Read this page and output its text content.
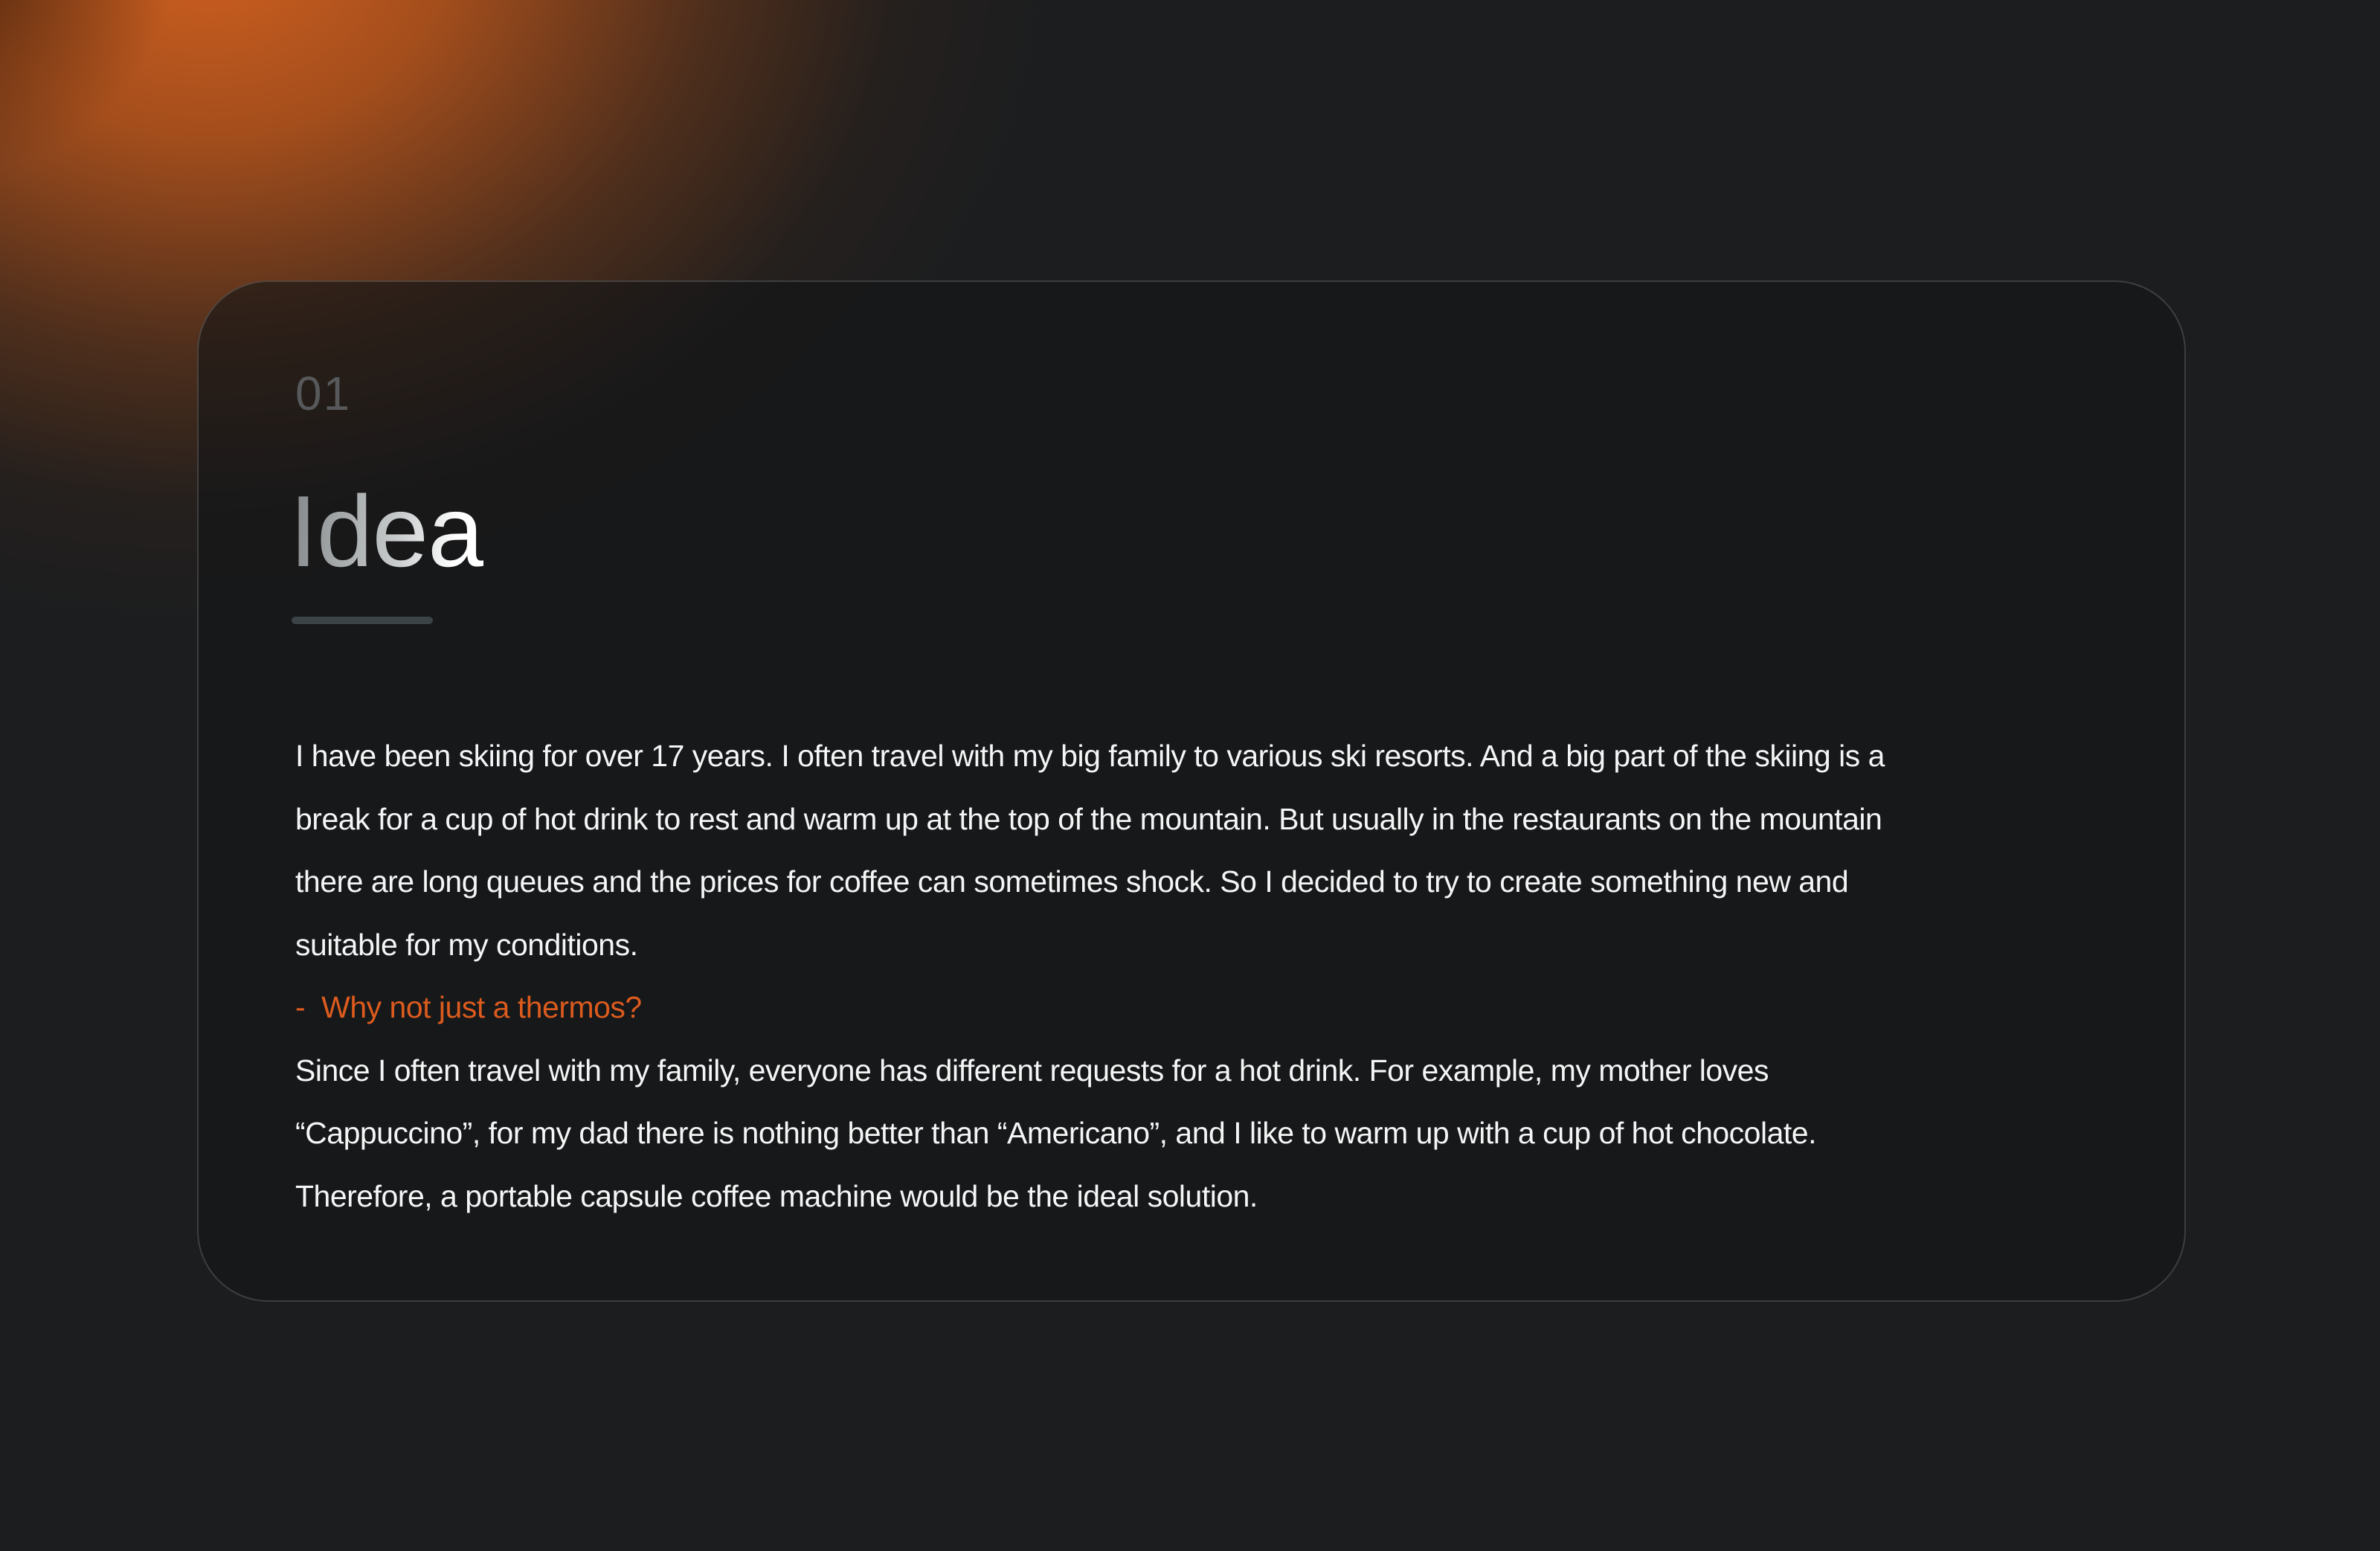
01
Idea
I have been skiing for over 17 years. I often travel with my big family to various ski resorts. And a big part of the skiing is a
break for a cup of hot drink to rest and warm up at the top of the mountain. But usually in the restaurants on the mountain
there are long queues and the prices for coffee can sometimes shock. So I decided to try to create something new and
suitable for my conditions.
- Why not just a thermos?
Since I often travel with my family, everyone has different requests for a hot drink. For example, my mother loves
“Cappuccino”, for my dad there is nothing better than “Americano”, and I like to warm up with a cup of hot chocolate.
Therefore, a portable capsule coffee machine would be the ideal solution.
